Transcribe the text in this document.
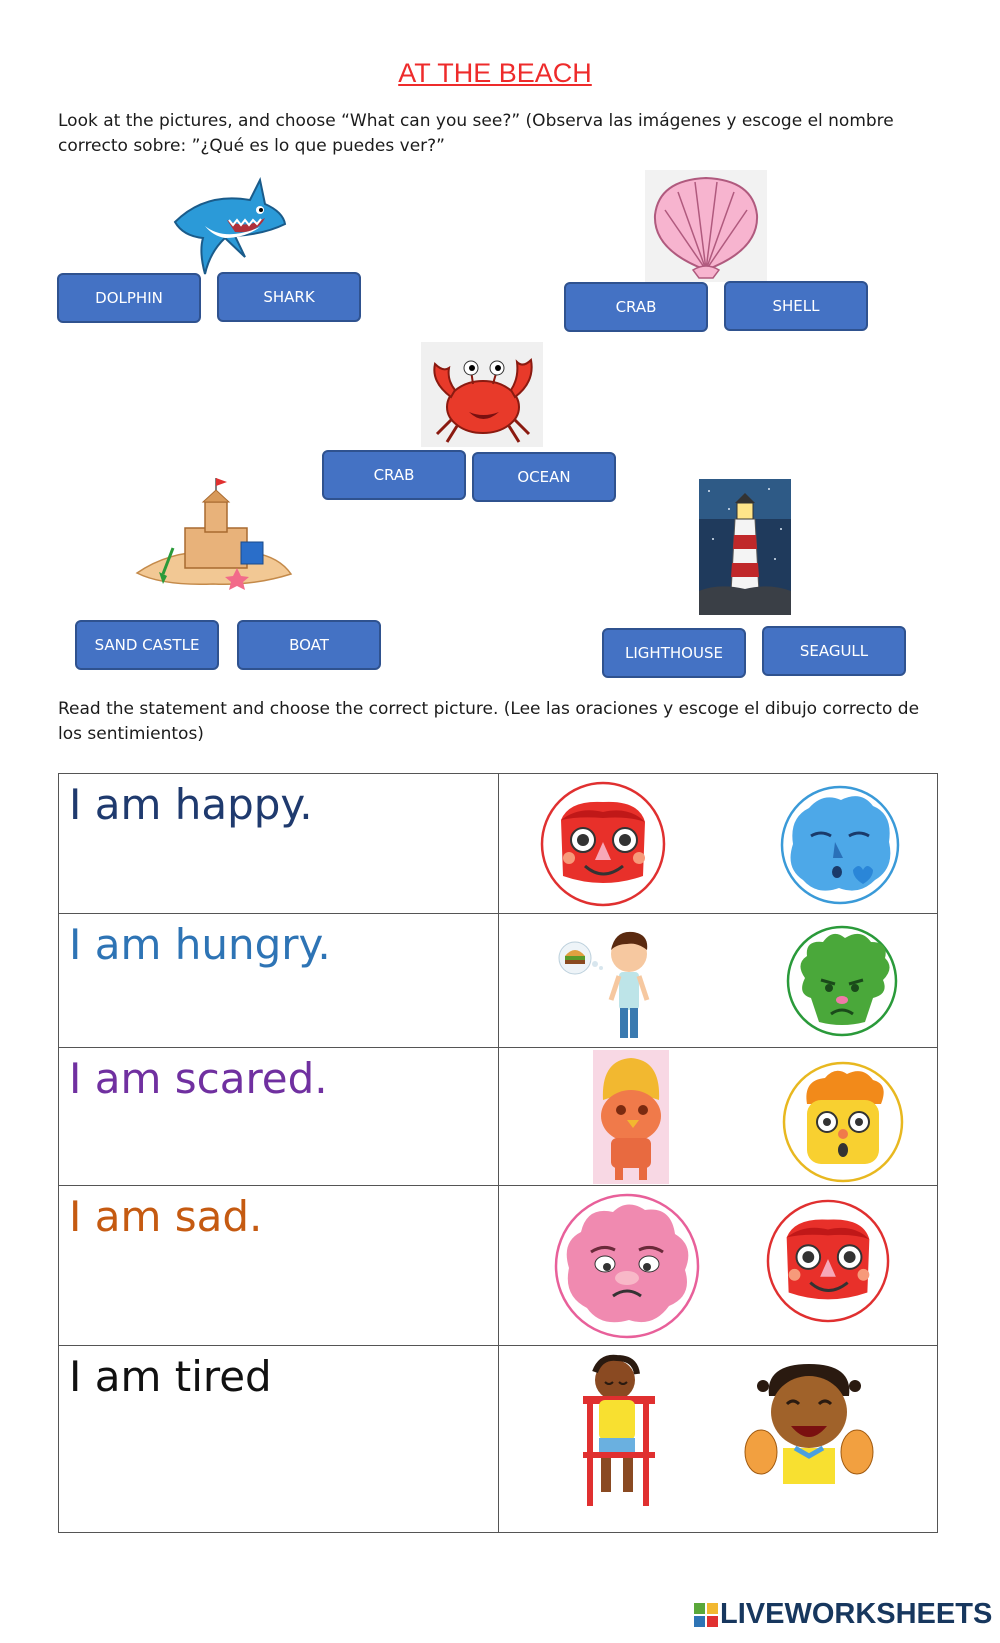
AT THE BEACH
Look at the pictures, and choose “What can you see?” (Observa las imágenes y escoge el nombre correcto sobre: ”¿Qué es lo que puedes ver?”
DOLPHIN	SHARK
CRAB	SHELL
CRAB	OCEAN
SAND CASTLE	BOAT	LIGHTHOUSE	SEAGULL
Read the statement and choose the correct picture. (Lee las oraciones y escoge el dibujo correcto de los sentimientos)
I am happy.

I am hungry.

I am scared.

I am sad.

I am tired

LIVEWORKSHEETS
